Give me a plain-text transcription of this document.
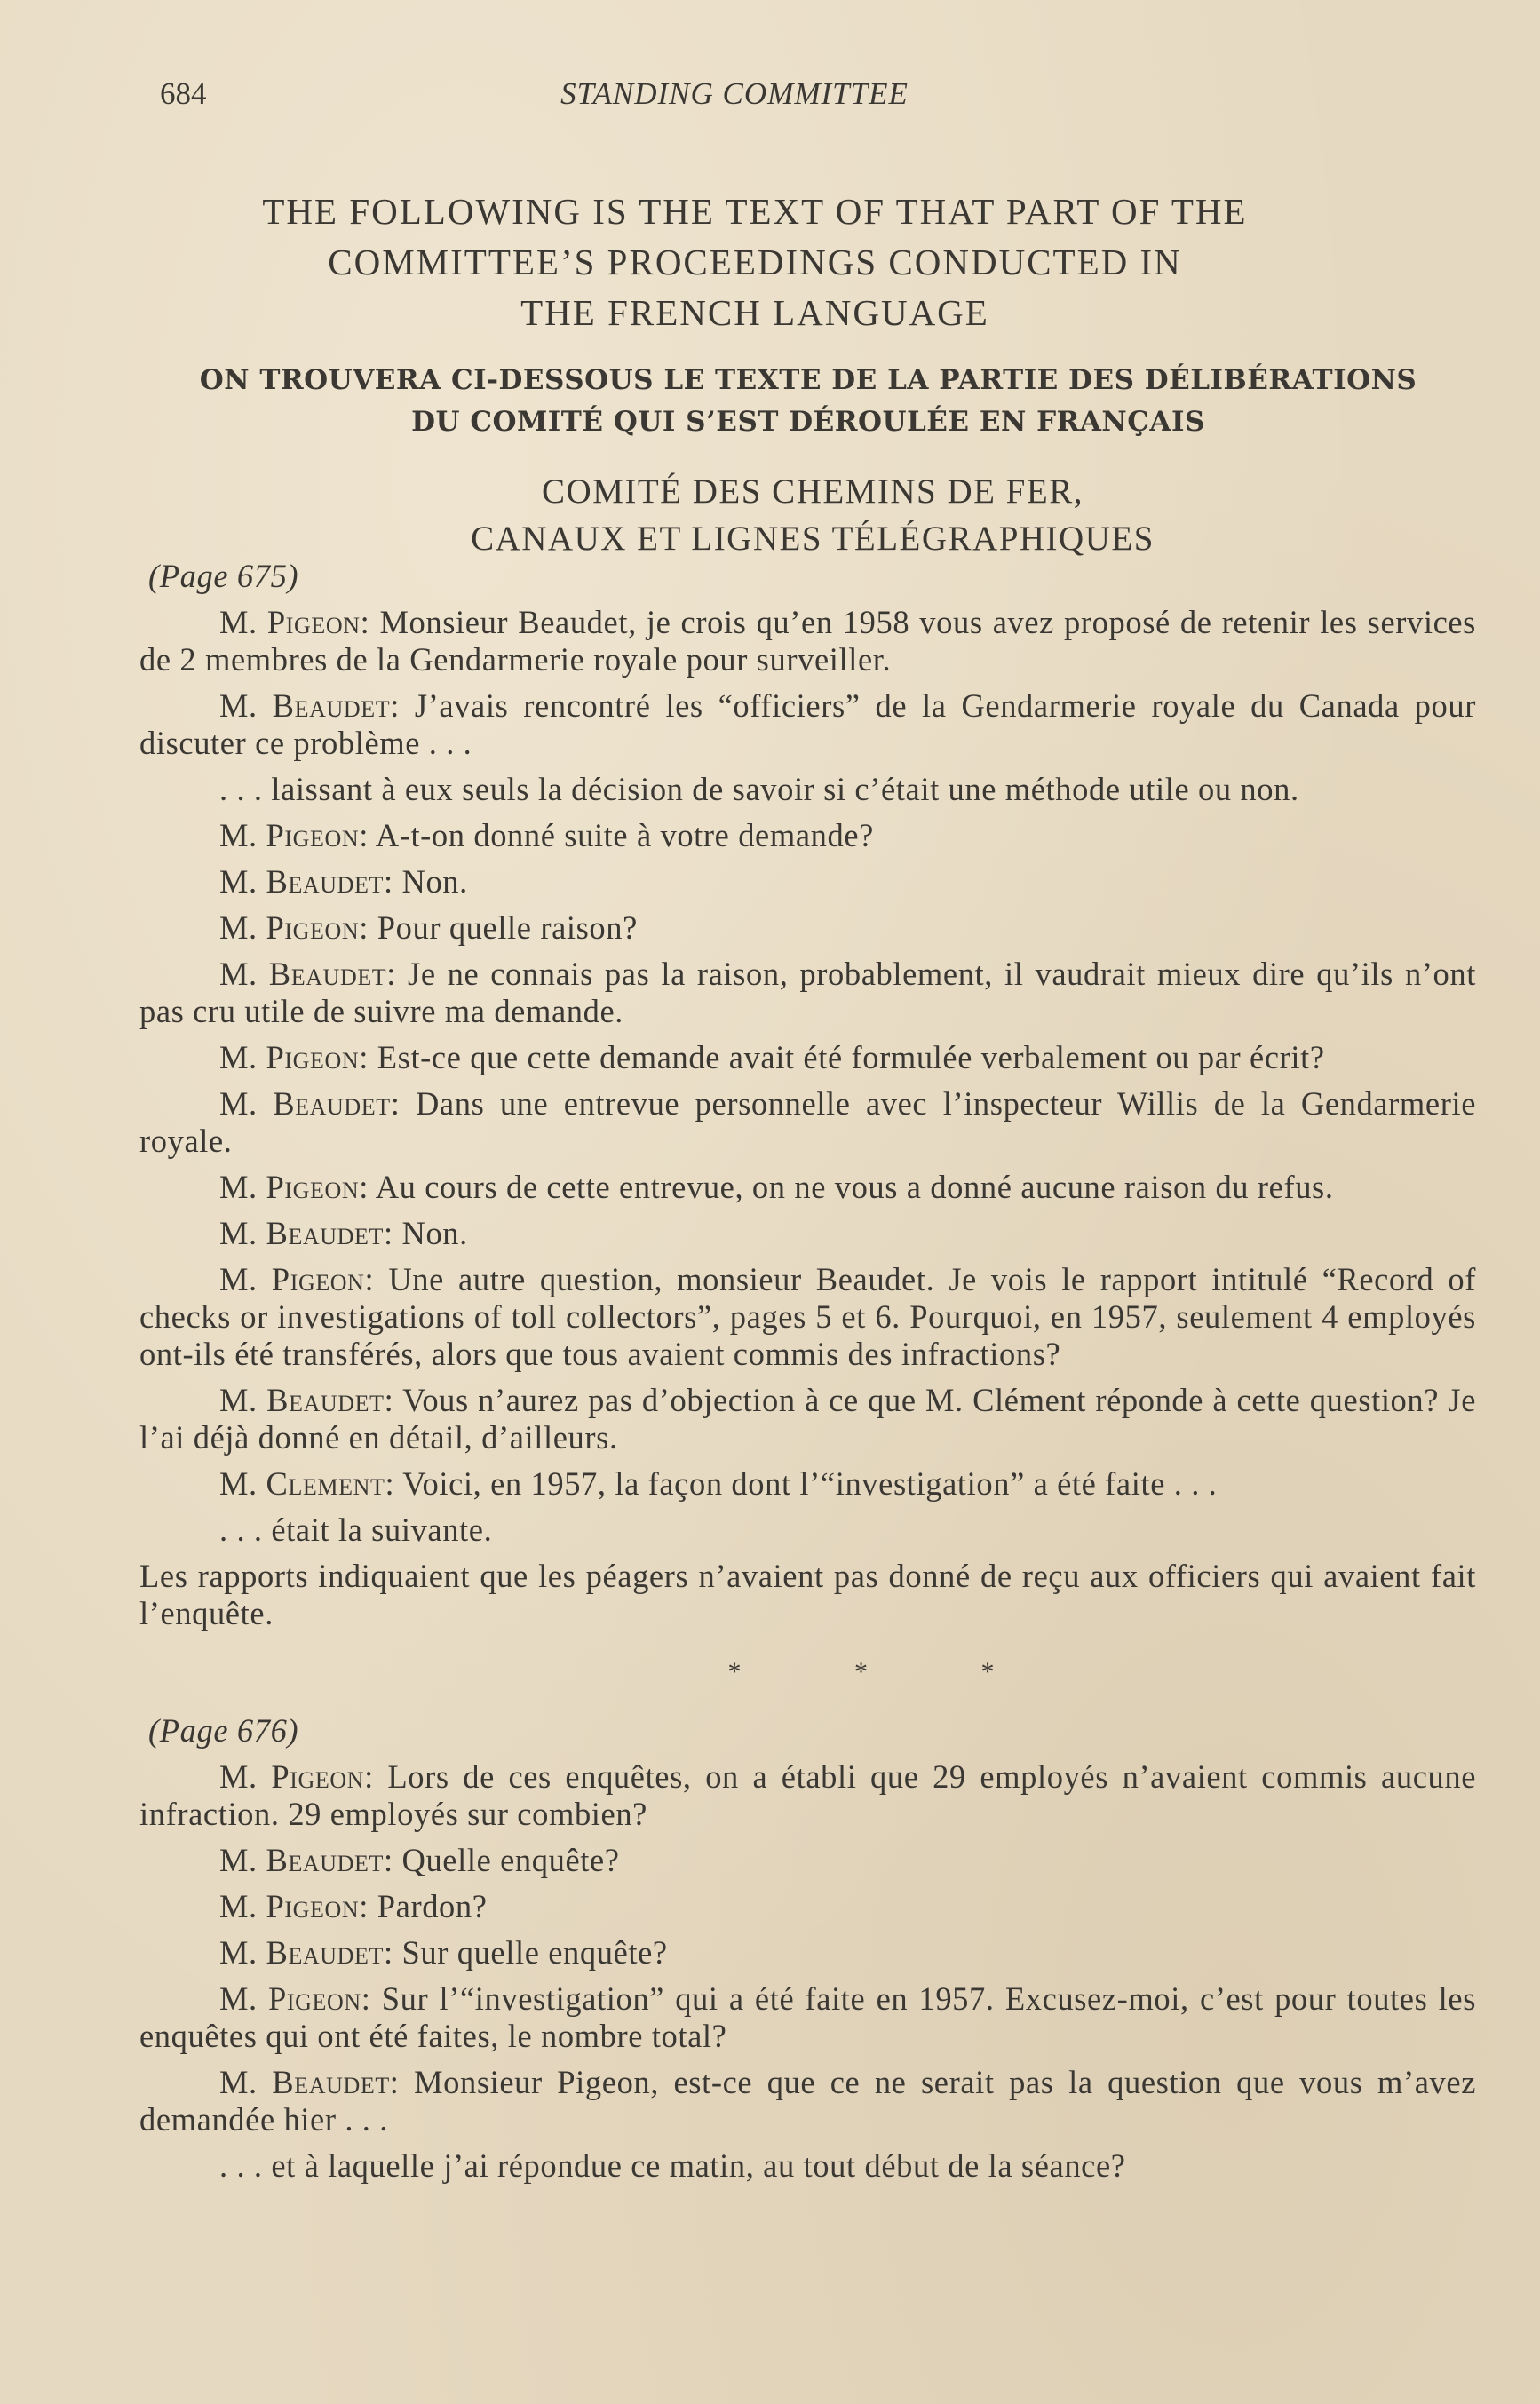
684	STANDING COMMITTEE
THE FOLLOWING IS THE TEXT OF THAT PART OF THE
COMMITTEE’S PROCEEDINGS CONDUCTED IN
THE FRENCH LANGUAGE
ON TROUVERA CI-DESSOUS LE TEXTE DE LA PARTIE DES DÉLIBÉRATIONS
DU COMITÉ QUI S’EST DÉROULÉE EN FRANÇAIS
COMITÉ DES CHEMINS DE FER,
CANAUX ET LIGNES TÉLÉGRAPHIQUES
(Page 675)

M. Pigeon: Monsieur Beaudet, je crois qu’en 1958 vous avez proposé de retenir les services de 2 membres de la Gendarmerie royale pour surveiller.

M. Beaudet: J’avais rencontré les “officiers” de la Gendarmerie royale du Canada pour discuter ce problème . . .

. . . laissant à eux seuls la décision de savoir si c’était une méthode utile ou non.

M. Pigeon: A-t-on donné suite à votre demande?

M. Beaudet: Non.

M. Pigeon: Pour quelle raison?

M. Beaudet: Je ne connais pas la raison, probablement, il vaudrait mieux dire qu’ils n’ont pas cru utile de suivre ma demande.

M. Pigeon: Est-ce que cette demande avait été formulée verbalement ou par écrit?

M. Beaudet: Dans une entrevue personnelle avec l’inspecteur Willis de la Gendarmerie royale.

M. Pigeon: Au cours de cette entrevue, on ne vous a donné aucune raison du refus.

M. Beaudet: Non.

M. Pigeon: Une autre question, monsieur Beaudet. Je vois le rapport intitulé “Record of checks or investigations of toll collectors”, pages 5 et 6. Pourquoi, en 1957, seulement 4 employés ont-ils été transférés, alors que tous avaient commis des infractions?

M. Beaudet: Vous n’aurez pas d’objection à ce que M. Clément réponde à cette question? Je l’ai déjà donné en détail, d’ailleurs.

M. Clement: Voici, en 1957, la façon dont l’“investigation” a été faite . . .

. . . était la suivante.

Les rapports indiquaient que les péagers n’avaient pas donné de reçu aux officiers qui avaient fait l’enquête.

* * *
(Page 676)

M. Pigeon: Lors de ces enquêtes, on a établi que 29 employés n’avaient commis aucune infraction. 29 employés sur combien?

M. Beaudet: Quelle enquête?

M. Pigeon: Pardon?

M. Beaudet: Sur quelle enquête?

M. Pigeon: Sur l’“investigation” qui a été faite en 1957. Excusez-moi, c’est pour toutes les enquêtes qui ont été faites, le nombre total?

M. Beaudet: Monsieur Pigeon, est-ce que ce ne serait pas la question que vous m’avez demandée hier . . .

. . . et à laquelle j’ai répondue ce matin, au tout début de la séance?
